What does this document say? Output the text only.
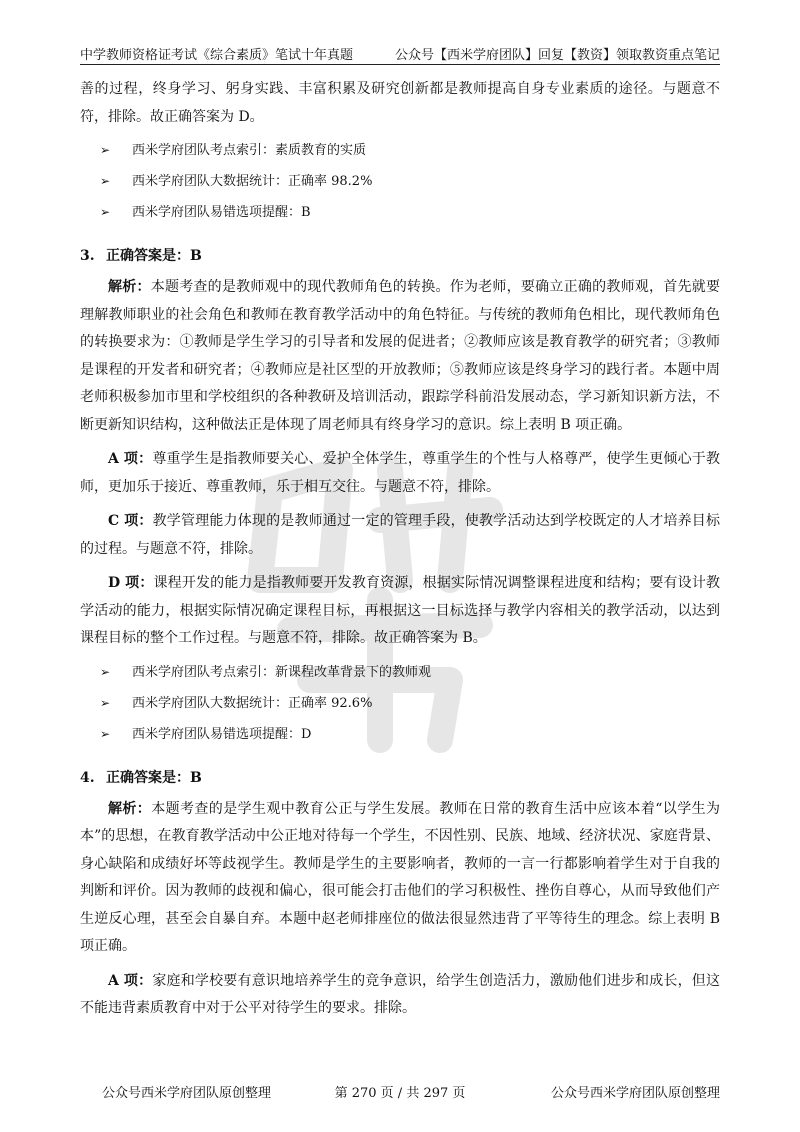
中学教师资格证考试《综合素质》笔试十年真题	公众号【西米学府团队】回复【教资】领取教资重点笔记

善的过程，终身学习、躬身实践、丰富积累及研究创新都是教师提高自身专业素质的途径。与题意不符，排除。故正确答案为 D。

➢ 西米学府团队考点索引：素质教育的实质
➢ 西米学府团队大数据统计：正确率 98.2%
➢ 西米学府团队易错选项提醒：B
3. 正确答案是：B

解析：本题考查的是教师观中的现代教师角色的转换。作为老师，要确立正确的教师观，首先就要理解教师职业的社会角色和教师在教育教学活动中的角色特征。与传统的教师角色相比，现代教师角色的转换要求为：①教师是学生学习的引导者和发展的促进者；②教师应该是教育教学的研究者；③教师是课程的开发者和研究者；④教师应是社区型的开放教师；⑤教师应该是终身学习的践行者。本题中周老师积极参加市里和学校组织的各种教研及培训活动，跟踪学科前沿发展动态，学习新知识新方法，不断更新知识结构，这种做法正是体现了周老师具有终身学习的意识。综上表明 B 项正确。

A 项：尊重学生是指教师要关心、爱护全体学生，尊重学生的个性与人格尊严，使学生更倾心于教师，更加乐于接近、尊重教师，乐于相互交往。与题意不符，排除。

C 项：教学管理能力体现的是教师通过一定的管理手段，使教学活动达到学校既定的人才培养目标的过程。与题意不符，排除。

D 项：课程开发的能力是指教师要开发教育资源，根据实际情况调整课程进度和结构；要有设计教学活动的能力，根据实际情况确定课程目标，再根据这一目标选择与教学内容相关的教学活动，以达到课程目标的整个工作过程。与题意不符，排除。故正确答案为 B。

➢ 西米学府团队考点索引：新课程改革背景下的教师观
➢ 西米学府团队大数据统计：正确率 92.6%
➢ 西米学府团队易错选项提醒：D
4. 正确答案是：B

解析：本题考查的是学生观中教育公正与学生发展。教师在日常的教育生活中应该本着“以学生为本”的思想，在教育教学活动中公正地对待每一个学生，不因性别、民族、地域、经济状况、家庭背景、身心缺陷和成绩好坏等歧视学生。教师是学生的主要影响者，教师的一言一行都影响着学生对于自我的判断和评价。因为教师的歧视和偏心，很可能会打击他们的学习积极性、挫伤自尊心，从而导致他们产生逆反心理，甚至会自暴自弃。本题中赵老师排座位的做法很显然违背了平等待生的理念。综上表明 B 项正确。

A 项：家庭和学校要有意识地培养学生的竞争意识，给学生创造活力，激励他们进步和成长，但这不能违背素质教育中对于公平对待学生的要求。排除。

公众号西米学府团队原创整理	第 270 页 / 共 297 页	公众号西米学府团队原创整理
